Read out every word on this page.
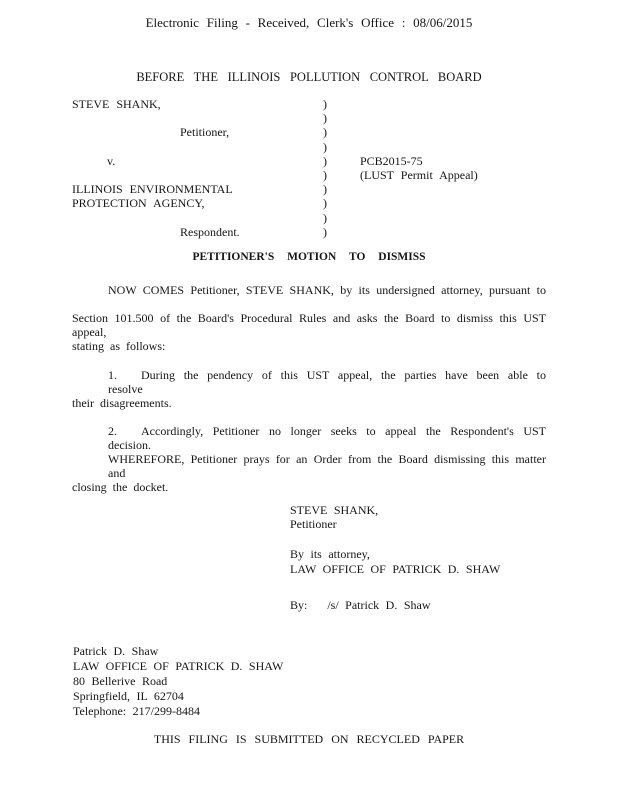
Electronic Filing - Received, Clerk's Office : 08/06/2015
BEFORE THE ILLINOIS POLLUTION CONTROL BOARD
STEVE SHANK,	)
)
Petitioner,	)
)
v.	)	PCB2015-75
)	(LUST Permit Appeal)
ILLINOIS ENVIRONMENTAL	)
PROTECTION AGENCY,	)
)
Respondent.	)
PETITIONER'S MOTION TO DISMISS
NOW COMES Petitioner, STEVE SHANK, by its undersigned attorney, pursuant to
Section 101.500 of the Board's Procedural Rules and asks the Board to dismiss this UST appeal,
stating as follows:
1. During the pendency of this UST appeal, the parties have been able to resolve
their disagreements.
2. Accordingly, Petitioner no longer seeks to appeal the Respondent's UST decision.
WHEREFORE, Petitioner prays for an Order from the Board dismissing this matter and
closing the docket.
STEVE SHANK,
Petitioner
By its attorney,
LAW OFFICE OF PATRICK D. SHAW
By: /s/ Patrick D. Shaw
Patrick D. Shaw
LAW OFFICE OF PATRICK D. SHAW
80 Bellerive Road
Springfield, IL 62704
Telephone: 217/299-8484
THIS FILING IS SUBMITTED ON RECYCLED PAPER
